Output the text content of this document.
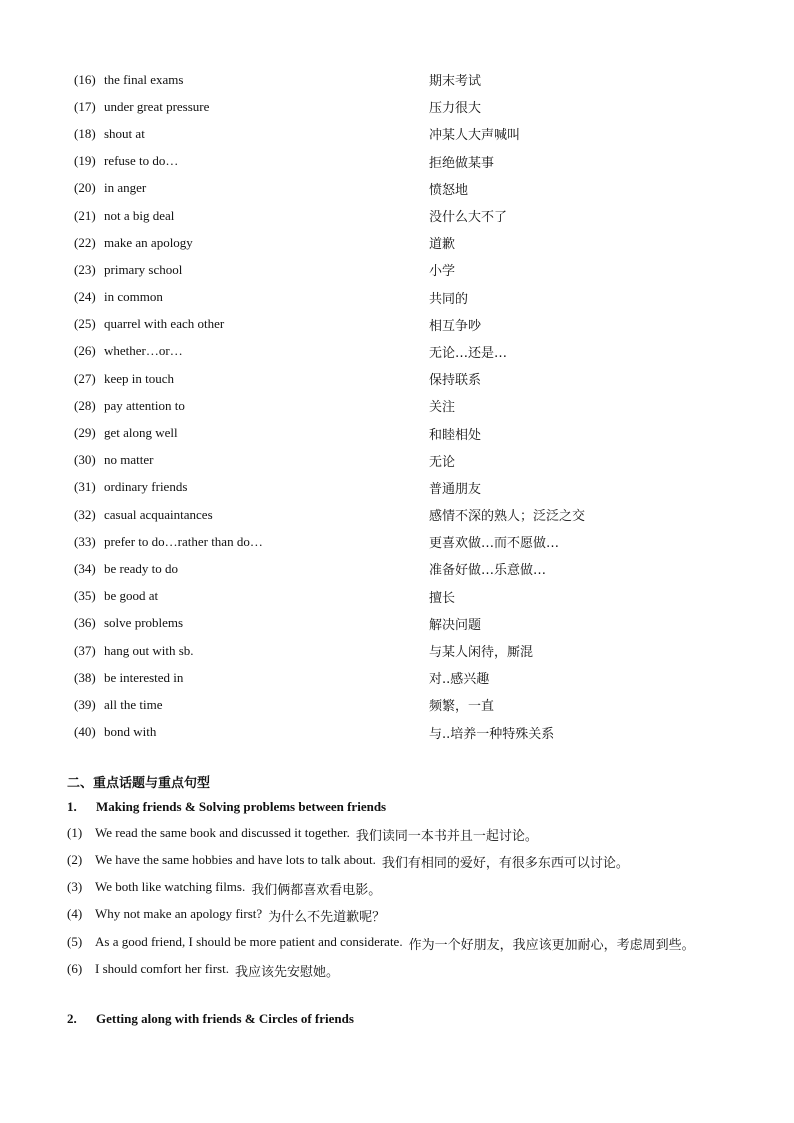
(16) the final exams	期末考试
(17) under great pressure	压力很大
(18) shout at	冲某人大声喊叫
(19) refuse to do…	拒绝做某事
(20) in anger	愤怒地
(21) not a big deal	没什么大不了
(22) make an apology	道歉
(23) primary school	小学
(24) in common	共同的
(25) quarrel with each other	相互争吵
(26) whether…or…	无论…还是…
(27) keep in touch	保持联系
(28) pay attention to	关注
(29) get along well	和睦相处
(30) no matter	无论
(31) ordinary friends	普通朋友
(32) casual acquaintances	感情不深的熟人；泛泛之交
(33) prefer to do…rather than do…	更喜欢做…而不愿做…
(34) be ready to do	准备好做…乐意做…
(35) be good at	擅长
(36) solve problems	解决问题
(37) hang out with sb.	与某人闲待，厮混
(38) be interested in	对..感兴趣
(39) all the time	频繁，一直
(40) bond with	与..培养一种特殊关系
二、重点话题与重点句型
1.	Making friends & Solving problems between friends
(1) We read the same book and discussed it together. 我们读同一本书并且一起讨论。
(2) We have the same hobbies and have lots to talk about. 我们有相同的爱好，有很多东西可以讨论。
(3) We both like watching films. 我们俩都喜欢看电影。
(4) Why not make an apology first? 为什么不先道歉呢？
(5) As a good friend, I should be more patient and considerate. 作为一个好朋友，我应该更加耐心，考虑周到些。
(6) I should comfort her first. 我应该先安慰她。
2.	Getting along with friends & Circles of friends
